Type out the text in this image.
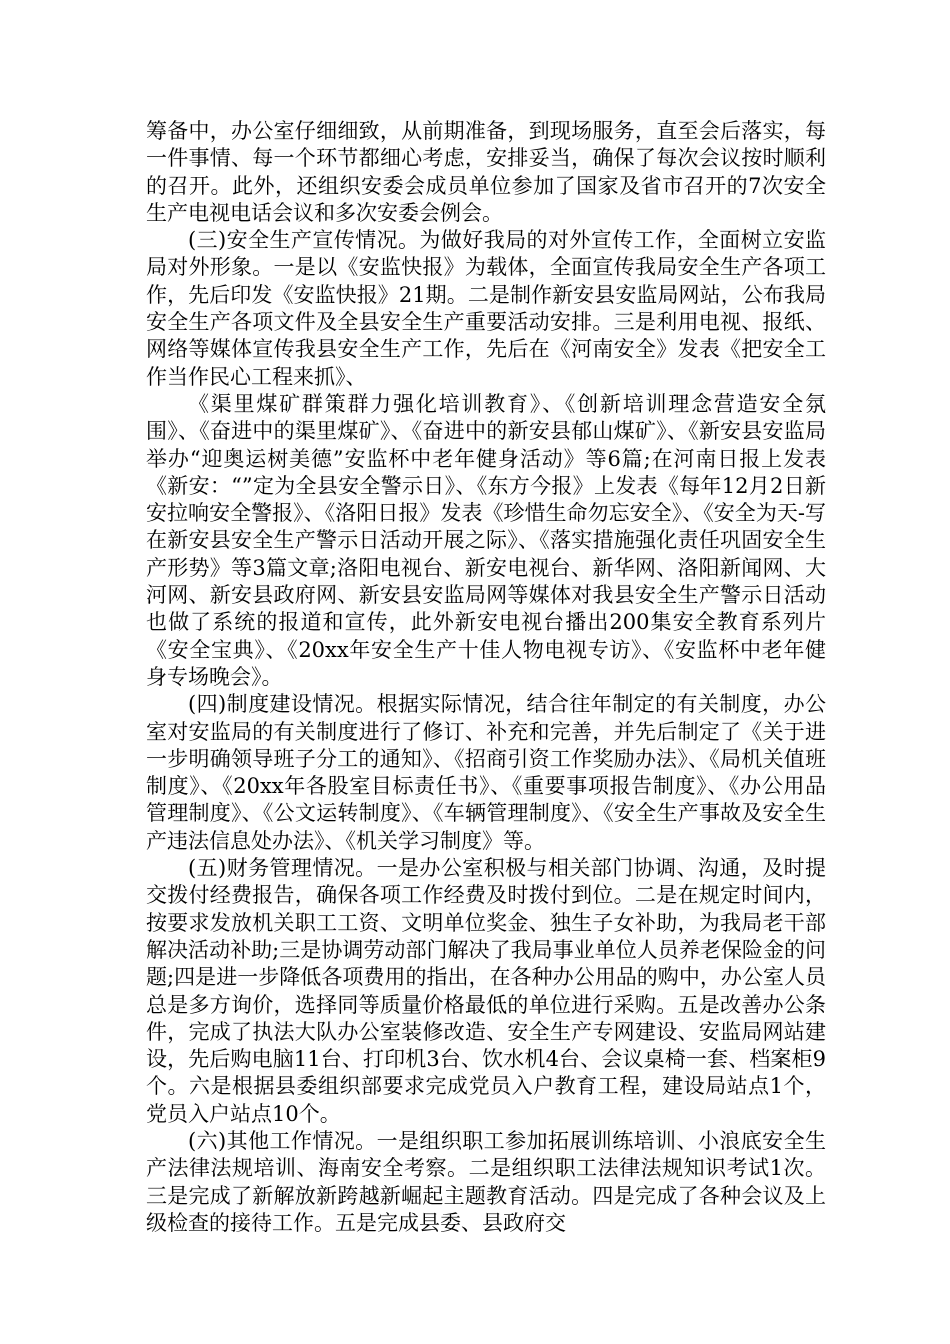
筹备中，办公室仔细细致，从前期准备，到现场服务，直至会后落实，每一件事情、每一个环节都细心考虑，安排妥当，确保了每次会议按时顺利的召开。此外，还组织安委会成员单位参加了国家及省市召开的7次安全生产电视电话会议和多次安委会例会。

(三)安全生产宣传情况。为做好我局的对外宣传工作，全面树立安监局对外形象。一是以《安监快报》为载体，全面宣传我局安全生产各项工作，先后印发《安监快报》21期。二是制作新安县安监局网站，公布我局安全生产各项文件及全县安全生产重要活动安排。三是利用电视、报纸、网络等媒体宣传我县安全生产工作，先后在《河南安全》发表《把安全工作当作民心工程来抓》、

《渠里煤矿群策群力强化培训教育》、《创新培训理念营造安全氛围》、《奋进中的渠里煤矿》、《奋进中的新安县郁山煤矿》、《新安县安监局举办“迎奥运树美德”安监杯中老年健身活动》等6篇;在河南日报上发表《新安：“”定为全县安全警示日》、《东方今报》上发表《每年12月2日新安拉响安全警报》、《洛阳日报》发表《珍惜生命勿忘安全》、《安全为天-写在新安县安全生产警示日活动开展之际》、《落实措施强化责任巩固安全生产形势》等3篇文章;洛阳电视台、新安电视台、新华网、洛阳新闻网、大河网、新安县政府网、新安县安监局网等媒体对我县安全生产警示日活动也做了系统的报道和宣传，此外新安电视台播出200集安全教育系列片《安全宝典》、《20xx年安全生产十佳人物电视专访》、《安监杯中老年健身专场晚会》。

(四)制度建设情况。根据实际情况，结合往年制定的有关制度，办公室对安监局的有关制度进行了修订、补充和完善，并先后制定了《关于进一步明确领导班子分工的通知》、《招商引资工作奖励办法》、《局机关值班制度》、《20xx年各股室目标责任书》、《重要事项报告制度》、《办公用品管理制度》、《公文运转制度》、《车辆管理制度》、《安全生产事故及安全生产违法信息处办法》、《机关学习制度》等。

(五)财务管理情况。一是办公室积极与相关部门协调、沟通，及时提交拨付经费报告，确保各项工作经费及时拨付到位。二是在规定时间内，按要求发放机关职工工资、文明单位奖金、独生子女补助，为我局老干部解决活动补助;三是协调劳动部门解决了我局事业单位人员养老保险金的问题;四是进一步降低各项费用的指出，在各种办公用品的购中，办公室人员总是多方询价，选择同等质量价格最低的单位进行采购。五是改善办公条件，完成了执法大队办公室装修改造、安全生产专网建设、安监局网站建设，先后购电脑11台、打印机3台、饮水机4台、会议桌椅一套、档案柜9个。六是根据县委组织部要求完成党员入户教育工程，建设局站点1个，党员入户站点10个。

(六)其他工作情况。一是组织职工参加拓展训练培训、小浪底安全生产法律法规培训、海南安全考察。二是组织职工法律法规知识考试1次。三是完成了新解放新跨越新崛起主题教育活动。四是完成了各种会议及上级检查的接待工作。五是完成县委、县政府交
